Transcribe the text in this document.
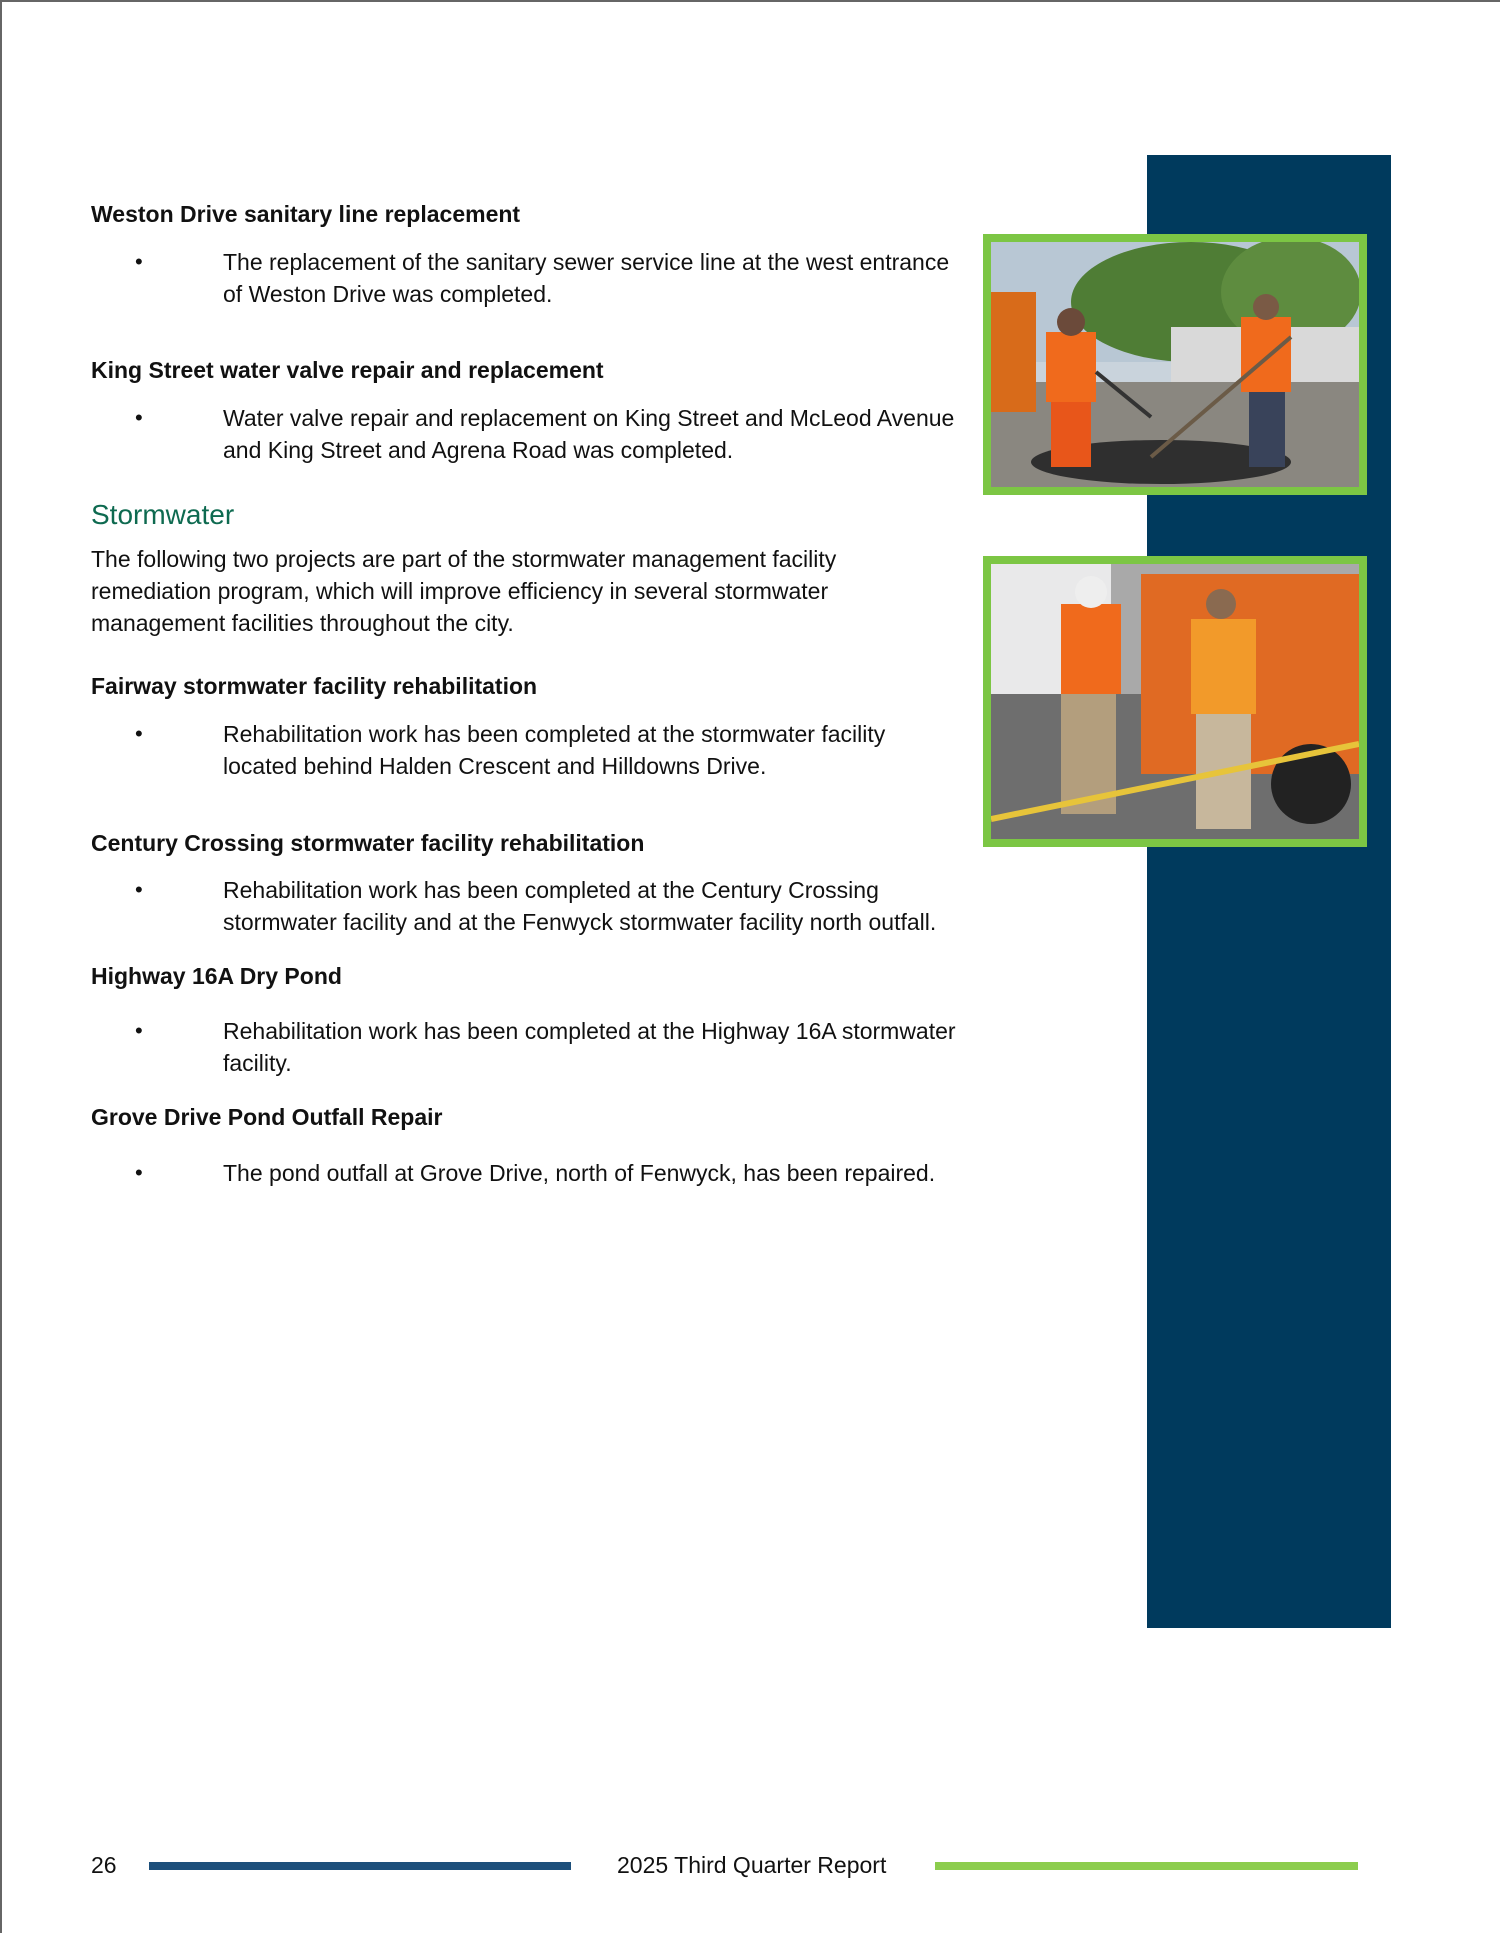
Weston Drive sanitary line replacement
•	The replacement of the sanitary sewer service line at the west entrance of Weston Drive was completed.
King Street water valve repair and replacement
•	Water valve repair and replacement on King Street and McLeod Avenue and King Street and Agrena Road was completed.
Stormwater

The following two projects are part of the stormwater management facility remediation program, which will improve efficiency in several stormwater management facilities throughout the city.

Fairway stormwater facility rehabilitation
•	Rehabilitation work has been completed at the stormwater facility located behind Halden Crescent and Hilldowns Drive.
Century Crossing stormwater facility rehabilitation
•	Rehabilitation work has been completed at the Century Crossing stormwater facility and at the Fenwyck stormwater facility north outfall.
Highway 16A Dry Pond
•	Rehabilitation work has been completed at the Highway 16A stormwater facility.
Grove Drive Pond Outfall Repair
•	The pond outfall at Grove Drive, north of Fenwyck, has been repaired.
26	2025 Third Quarter Report
